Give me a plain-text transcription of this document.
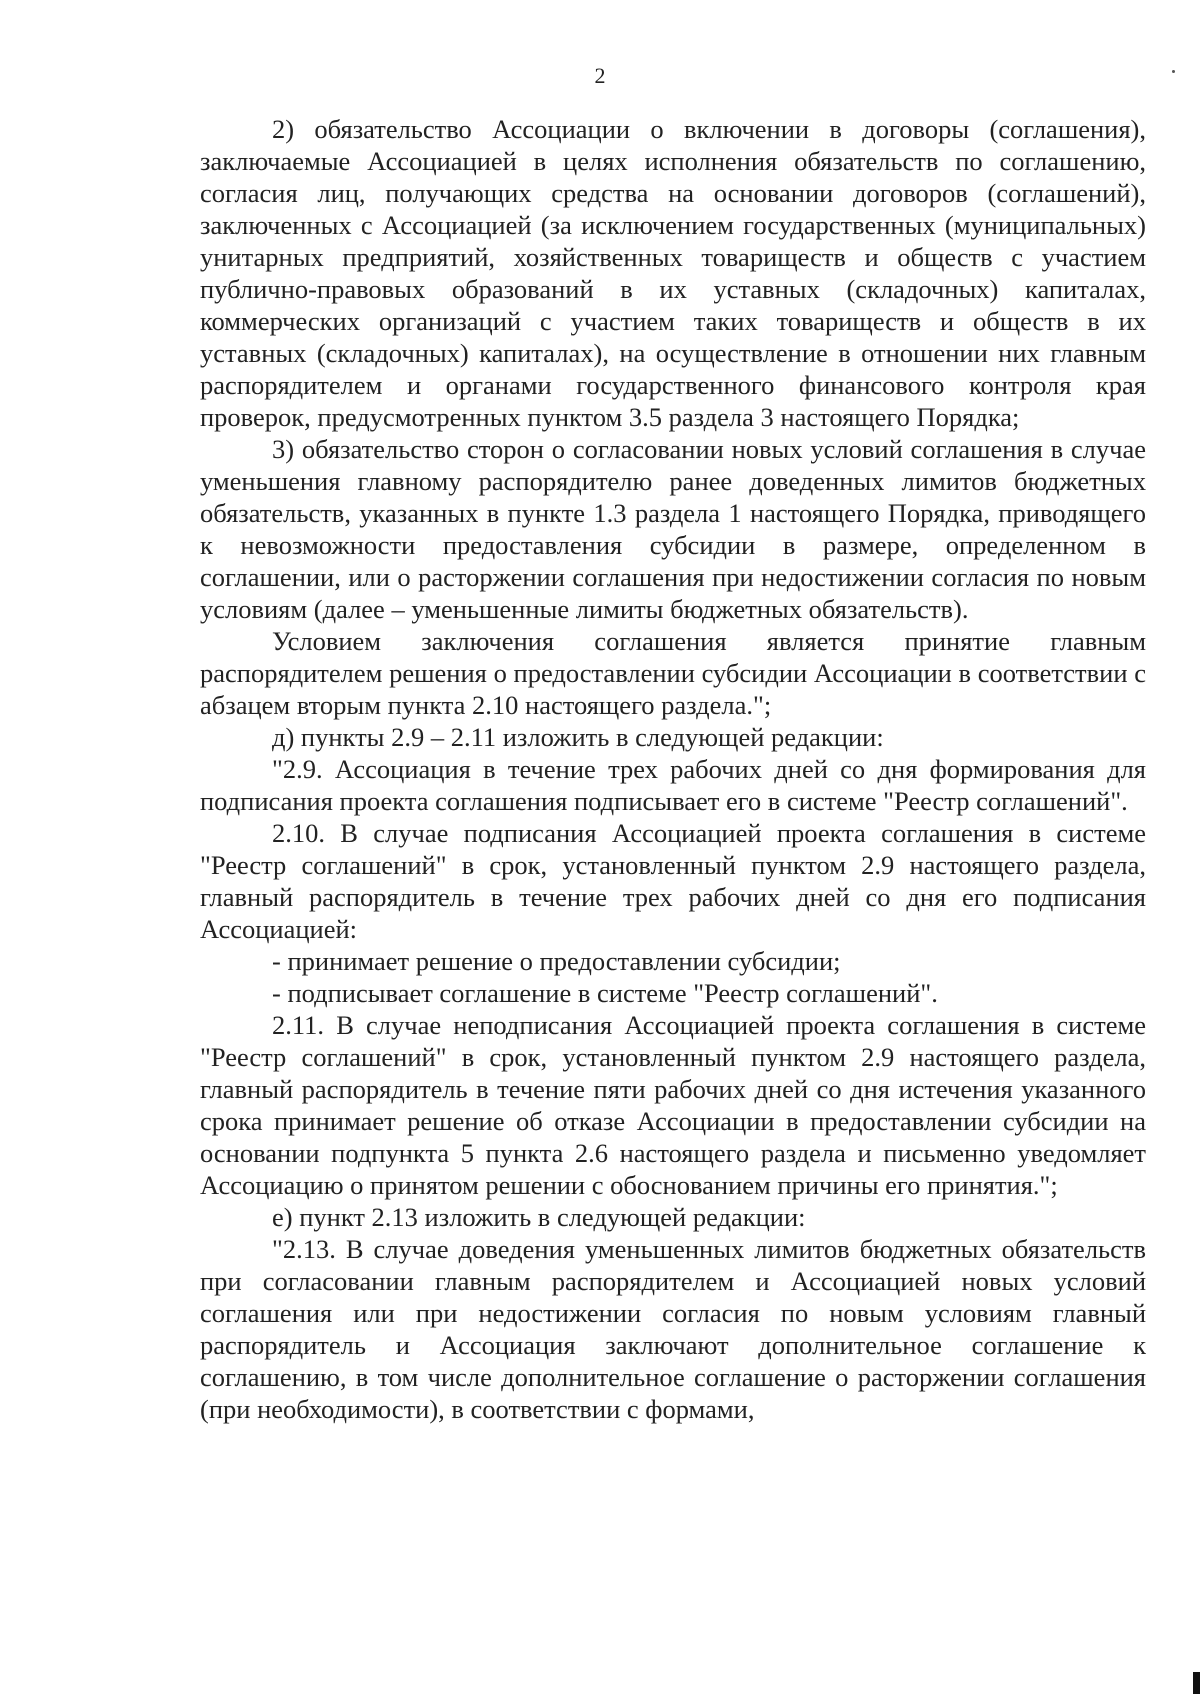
2

2) обязательство Ассоциации о включении в договоры (соглашения), заключаемые Ассоциацией в целях исполнения обязательств по соглашению, согласия лиц, получающих средства на основании договоров (соглашений), заключенных с Ассоциацией (за исключением государственных (муниципальных) унитарных предприятий, хозяйственных товариществ и обществ с участием публично-правовых образований в их уставных (складочных) капиталах, коммерческих организаций с участием таких товариществ и обществ в их уставных (складочных) капиталах), на осуществление в отношении них главным распорядителем и органами государственного финансового контроля края проверок, предусмотренных пунктом 3.5 раздела 3 настоящего Порядка;

3) обязательство сторон о согласовании новых условий соглашения в случае уменьшения главному распорядителю ранее доведенных лимитов бюджетных обязательств, указанных в пункте 1.3 раздела 1 настоящего Порядка, приводящего к невозможности предоставления субсидии в размере, определенном в соглашении, или о расторжении соглашения при недостижении согласия по новым условиям (далее – уменьшенные лимиты бюджетных обязательств).

Условием заключения соглашения является принятие главным распорядителем решения о предоставлении субсидии Ассоциации в соответствии с абзацем вторым пункта 2.10 настоящего раздела.";

д) пункты 2.9 – 2.11 изложить в следующей редакции:

"2.9. Ассоциация в течение трех рабочих дней со дня формирования для подписания проекта соглашения подписывает его в системе "Реестр соглашений".

2.10. В случае подписания Ассоциацией проекта соглашения в системе "Реестр соглашений" в срок, установленный пунктом 2.9 настоящего раздела, главный распорядитель в течение трех рабочих дней со дня его подписания Ассоциацией:

- принимает решение о предоставлении субсидии;

- подписывает соглашение в системе "Реестр соглашений".

2.11. В случае неподписания Ассоциацией проекта соглашения в системе "Реестр соглашений" в срок, установленный пунктом 2.9 настоящего раздела, главный распорядитель в течение пяти рабочих дней со дня истечения указанного срока принимает решение об отказе Ассоциации в предоставлении субсидии на основании подпункта 5 пункта 2.6 настоящего раздела и письменно уведомляет Ассоциацию о принятом решении с обоснованием причины его принятия.";

е) пункт 2.13 изложить в следующей редакции:

"2.13. В случае доведения уменьшенных лимитов бюджетных обязательств при согласовании главным распорядителем и Ассоциацией новых условий соглашения или при недостижении согласия по новым условиям главный распорядитель и Ассоциация заключают дополнительное соглашение к соглашению, в том числе дополнительное соглашение о расторжении соглашения (при необходимости), в соответствии с формами,
